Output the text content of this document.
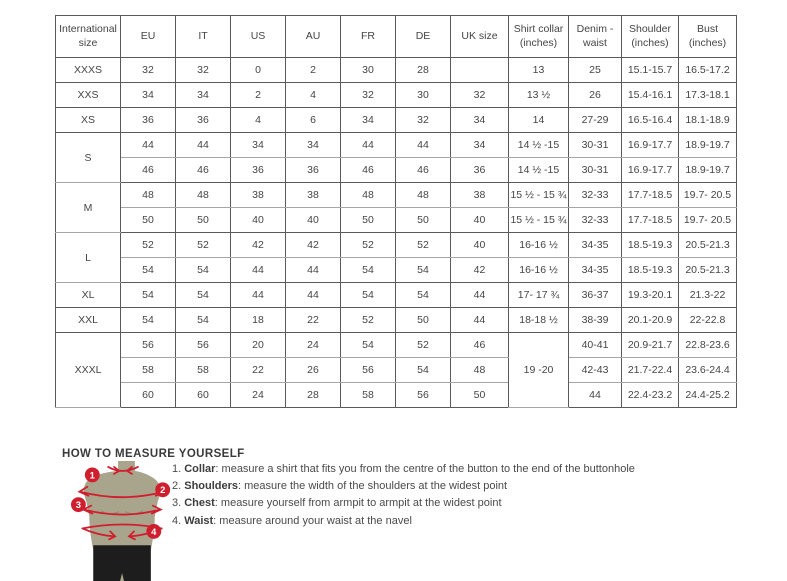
International size	EU	IT	US	AU	FR	DE	UK size	Shirt collar (inches)	Denim - waist	Shoulder (inches)	Bust (inches)
XXXS	32	32	0	2	30	28		13	25	15.1-15.7	16.5-17.2
XXS	34	34	2	4	32	30	32	13 ½	26	15.4-16.1	17.3-18.1
XS	36	36	4	6	34	32	34	14	27-29	16.5-16.4	18.1-18.9
S	44	44	34	34	44	44	34	14 ½ -15	30-31	16.9-17.7	18.9-19.7
	46	46	36	36	46	46	36	14 ½ -15	30-31	16.9-17.7	18.9-19.7
M	48	48	38	38	48	48	38	15 ½ - 15 ¾	32-33	17.7-18.5	19.7- 20.5
	50	50	40	40	50	50	40	15 ½ - 15 ¾	32-33	17.7-18.5	19.7- 20.5
L	52	52	42	42	52	52	40	16-16 ½	34-35	18.5-19.3	20.5-21.3
	54	54	44	44	54	54	42	16-16 ½	34-35	18.5-19.3	20.5-21.3
XL	54	54	44	44	54	54	44	17- 17 ¾	36-37	19.3-20.1	21.3-22
XXL	54	54	18	22	52	50	44	18-18 ½	38-39	20.1-20.9	22-22.8
XXXL	56	56	20	24	54	52	46	19 -20	40-41	20.9-21.7	22.8-23.6
	58	58	22	26	56	54	48		42-43	21.7-22.4	23.6-24.4
	60	60	24	28	58	56	50		44	22.4-23.2	24.4-25.2
HOW TO MEASURE YOURSELF
1
2
3
4
1. Collar: measure a shirt that fits you from the centre of the button to the end of the buttonhole
2. Shoulders: measure the width of the shoulders at the widest point
3. Chest: measure yourself from armpit to armpit at the widest point
4. Waist: measure around your waist at the navel
